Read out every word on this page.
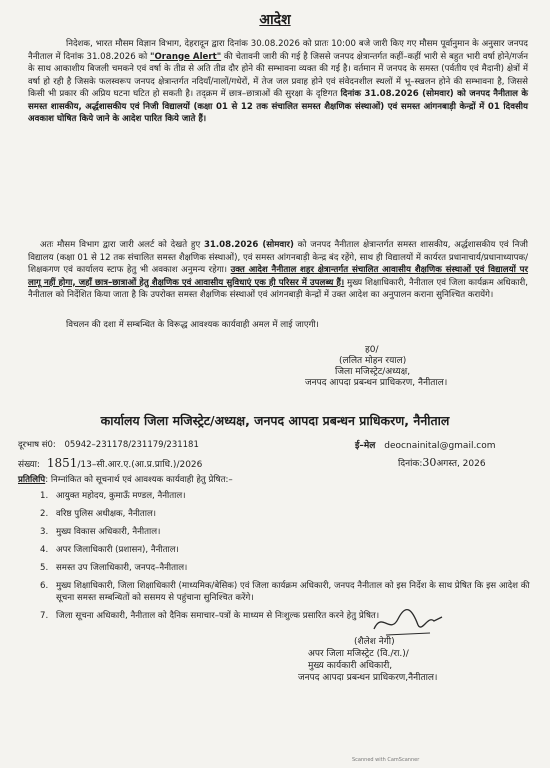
आदेश
निदेशक, भारत मौसम विज्ञान विभाग, देहरादून द्वारा दिनांक 30.08.2026 को प्रातः 10:00 बजे जारी किए गए मौसम पूर्वानुमान के अनुसार जनपद नैनीताल में दिनांक 31.08.2026 को "Orange Alert" की चेतावनी जारी की गई है जिससे जनपद क्षेत्रान्तर्गत कहीं–कहीं भारी से बहुत भारी वर्षा होने/गर्जन के साथ आकाशीय बिजली चमकने एवं वर्षा के तीव्र से अति तीव्र दौर होने की सम्भावना व्यक्त की गई है। वर्तमान में जनपद के समस्त (पर्वतीय एवं मैदानी) क्षेत्रों में वर्षा हो रही है जिसके फलस्वरूप जनपद क्षेत्रान्तर्गत नदियाँ/नालों/गधेरों, में तेज जल प्रवाह होने एवं संवेदनशील स्थलों में भू–स्खलन होने की सम्भावना है, जिससे किसी भी प्रकार की अप्रिय घटना घटित हो सकती है। तद्क्रम में छात्र–छात्राओं की सुरक्षा के दृष्टिगत दिनांक 31.08.2026 (सोमवार) को जनपद नैनीताल के समस्त शासकीय, अर्द्धशासकीय एवं निजी विद्यालयों (कक्षा 01 से 12 तक संचालित समस्त शैक्षणिक संस्थाओं) एवं समस्त आंगनबाड़ी केन्द्रों में 01 दिवसीय अवकाश घोषित किये जाने के आदेश पारित किये जाते हैं।
अतः मौसम विभाग द्वारा जारी अलर्ट को देखते हुए 31.08.2026 (सोमवार) को जनपद नैनीताल क्षेत्रान्तर्गत समस्त शासकीय, अर्द्धशासकीय एवं निजी विद्यालय (कक्षा 01 से 12 तक संचालित समस्त शैक्षणिक संस्थाओं), एवं समस्त आंगनबाड़ी केन्द्र बंद रहेंगे, साथ ही विद्यालयों में कार्यरत प्रधानाचार्य/प्रधानाध्यापक/शिक्षकगण एवं कार्यालय स्टाफ हेतु भी अवकाश अनुमन्य रहेगा। उक्त आदेश नैनीताल शहर क्षेत्रान्तर्गत संचालित आवासीय शैक्षणिक संस्थाओं एवं विद्यालयों पर लागू नहीं होगा, जहाँ छात्र–छात्राओं हेतु शैक्षणिक एवं आवासीय सुविधाएं एक ही परिसर में उपलब्ध हैं। मुख्य शिक्षाधिकारी, नैनीताल एवं जिला कार्यक्रम अधिकारी, नैनीताल को निर्देशित किया जाता है कि उपरोक्त समस्त शैक्षणिक संस्थाओं एवं आंगनबाड़ी केन्द्रों में उक्त आदेश का अनुपालन कराना सुनिश्चित करायेंगे।
विचलन की दशा में सम्बन्धित के विरूद्ध आवश्यक कार्यवाही अमल में लाई जाएगी।
ह0/
(ललित मोहन रयाल)
जिला मजिस्ट्रेट/अध्यक्ष,
जनपद आपदा प्रबन्धन प्राधिकरण, नैनीताल।
कार्यालय जिला मजिस्ट्रेट/अध्यक्ष, जनपद आपदा प्रबन्धन प्राधिकरण, नैनीताल
दूरभाष सं0: 05942–231178/231179/231181	ई–मेल deocnainital@gmail.com
संख्या: 1851/13–सी.आर.ए.(आ.प्र.प्राधि.)/2026	दिनांक:30अगस्त, 2026
प्रतिलिपि: निम्नांकित को सूचनार्थ एवं आवश्यक कार्यवाही हेतु प्रेषित:–
1. आयुक्त महोदय, कुमाऊँ मण्डल, नैनीताल।
2. वरिष्ठ पुलिस अधीक्षक, नैनीताल।
3. मुख्य विकास अधिकारी, नैनीताल।
4. अपर जिलाधिकारी (प्रशासन), नैनीताल।
5. समस्त उप जिलाधिकारी, जनपद–नैनीताल।
6. मुख्य शिक्षाधिकारी, जिला शिक्षाधिकारी (माध्यमिक/बेसिक) एवं जिला कार्यक्रम अधिकारी, जनपद नैनीताल को इस निर्देश के साथ प्रेषित कि इस आदेश की सूचना समस्त सम्बन्धितों को ससमय से पहुंचाना सुनिश्चित करेंगे।
7. जिला सूचना अधिकारी, नैनीताल को दैनिक समाचार–पत्रों के माध्यम से निःशुल्क प्रसारित करने हेतु प्रेषित।
(शैलेश नेगी)
अपर जिला मजिस्ट्रेट (वि./रा.)/
मुख्य कार्यकारी अधिकारी,
जनपद आपदा प्रबन्धन प्राधिकरण,नैनीताल।
Scanned with CamScanner
